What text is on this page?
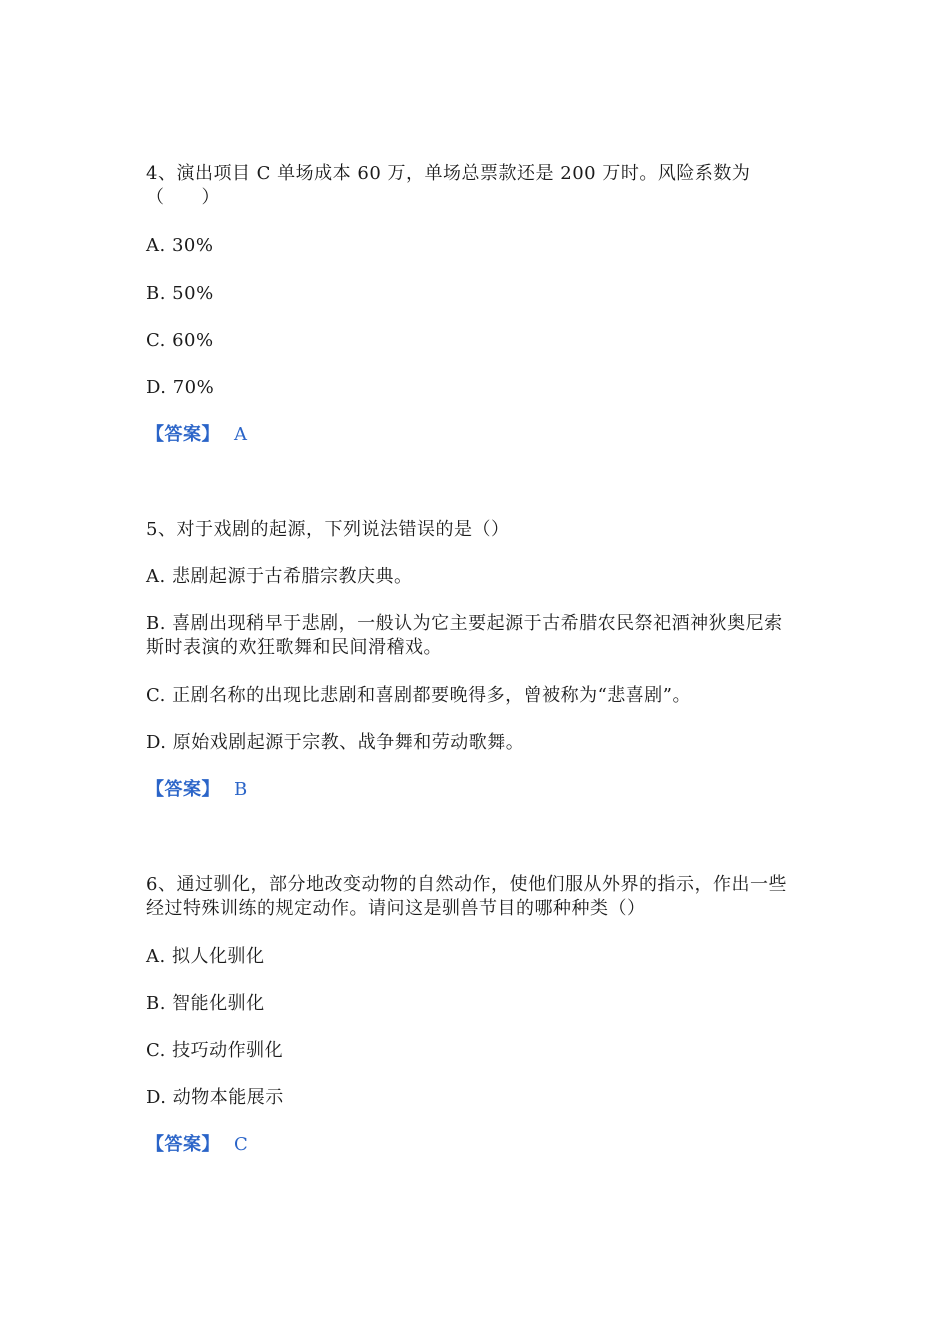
4、演出项目 C 单场成本 60 万，单场总票款还是 200 万时。风险系数为
（　　）
A. 30%
B. 50%
C. 60%
D. 70%
【答案】 A
5、对于戏剧的起源，下列说法错误的是（）
A. 悲剧起源于古希腊宗教庆典。
B. 喜剧出现稍早于悲剧，一般认为它主要起源于古希腊农民祭祀酒神狄奥尼索
斯时表演的欢狂歌舞和民间滑稽戏。
C. 正剧名称的出现比悲剧和喜剧都要晚得多，曾被称为“悲喜剧”。
D. 原始戏剧起源于宗教、战争舞和劳动歌舞。
【答案】 B
6、通过驯化，部分地改变动物的自然动作，使他们服从外界的指示，作出一些
经过特殊训练的规定动作。请问这是驯兽节目的哪种种类（）
A. 拟人化驯化
B. 智能化驯化
C. 技巧动作驯化
D. 动物本能展示
【答案】 C
